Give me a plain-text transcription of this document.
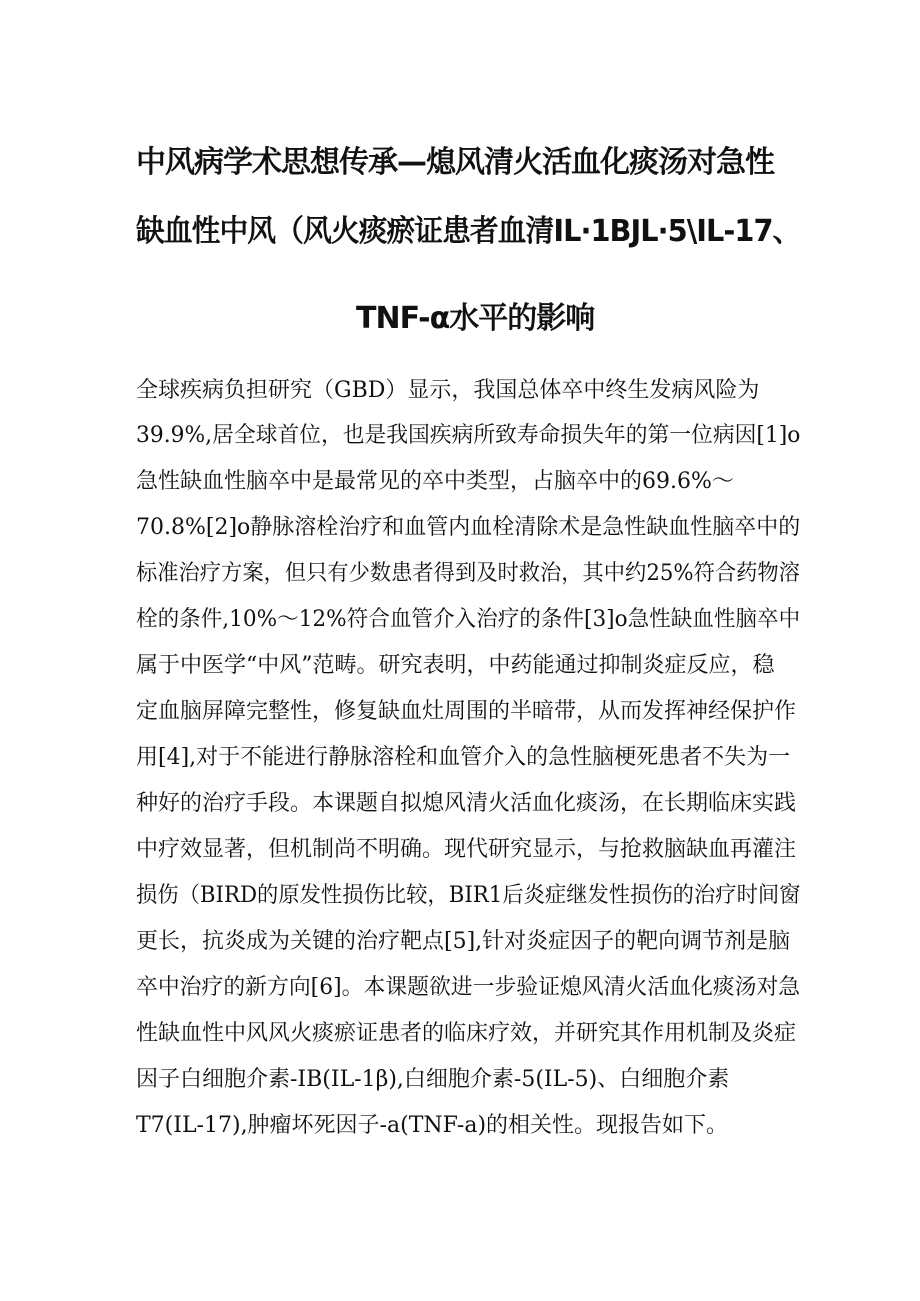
中风病学术思想传承—熄风清火活血化痰汤对急性
缺血性中风（风火痰瘀证患者血清IL·1BJL·5\IL-17、
TNF-α水平的影响
全球疾病负担研究（GBD）显示，我国总体卒中终生发病风险为
39.9%,居全球首位，也是我国疾病所致寿命损失年的第一位病因[1]o
急性缺血性脑卒中是最常见的卒中类型，占脑卒中的69.6%～
70.8%[2]o静脉溶栓治疗和血管内血栓清除术是急性缺血性脑卒中的
标准治疗方案，但只有少数患者得到及时救治，其中约25%符合药物溶
栓的条件,10%～12%符合血管介入治疗的条件[3]o急性缺血性脑卒中
属于中医学“中风”范畴。研究表明，中药能通过抑制炎症反应，稳
定血脑屏障完整性，修复缺血灶周围的半暗带，从而发挥神经保护作
用[4],对于不能进行静脉溶栓和血管介入的急性脑梗死患者不失为一
种好的治疗手段。本课题自拟熄风清火活血化痰汤，在长期临床实践
中疗效显著，但机制尚不明确。现代研究显示，与抢救脑缺血再灌注
损伤（BIRD的原发性损伤比较，BIR1后炎症继发性损伤的治疗时间窗
更长，抗炎成为关键的治疗靶点[5],针对炎症因子的靶向调节剂是脑
卒中治疗的新方向[6]。本课题欲进一步验证熄风清火活血化痰汤对急
性缺血性中风风火痰瘀证患者的临床疗效，并研究其作用机制及炎症
因子白细胞介素-IB(IL-1β),白细胞介素-5(IL-5)、白细胞介素
T7(IL-17),肿瘤坏死因子-a(TNF-a)的相关性。现报告如下。
